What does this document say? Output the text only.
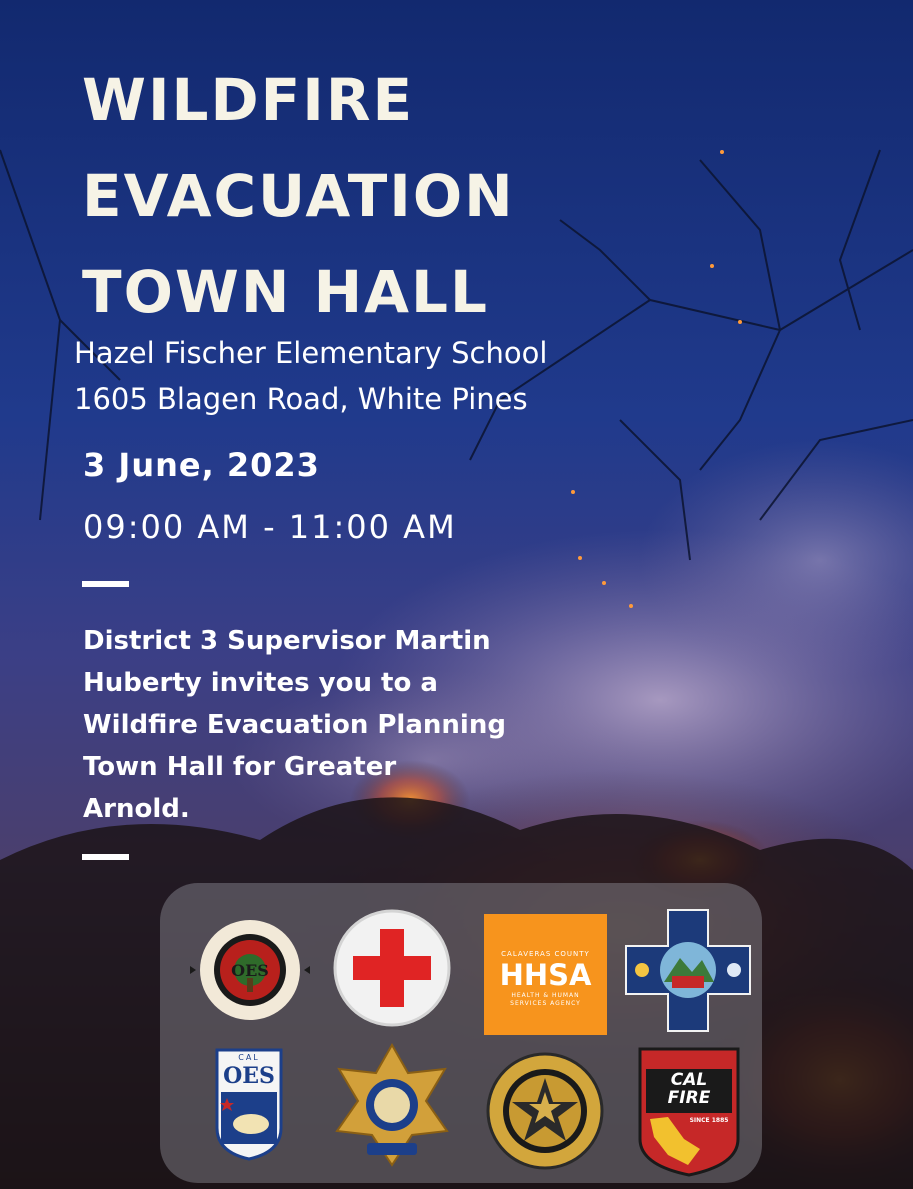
WILDFIRE
EVACUATION
TOWN HALL
Hazel Fischer Elementary School
1605 Blagen Road, White Pines
3 June, 2023
09:00 AM - 11:00 AM
District 3 Supervisor Martin
Huberty invites you to a
Wildfire Evacuation Planning
Town Hall for Greater
Arnold.
OES
CALAVERAS COUNTY
HHSA
HEALTH & HUMAN
SERVICES AGENCY
CAL
OES	CAL
FIRE
SINCE 1885
